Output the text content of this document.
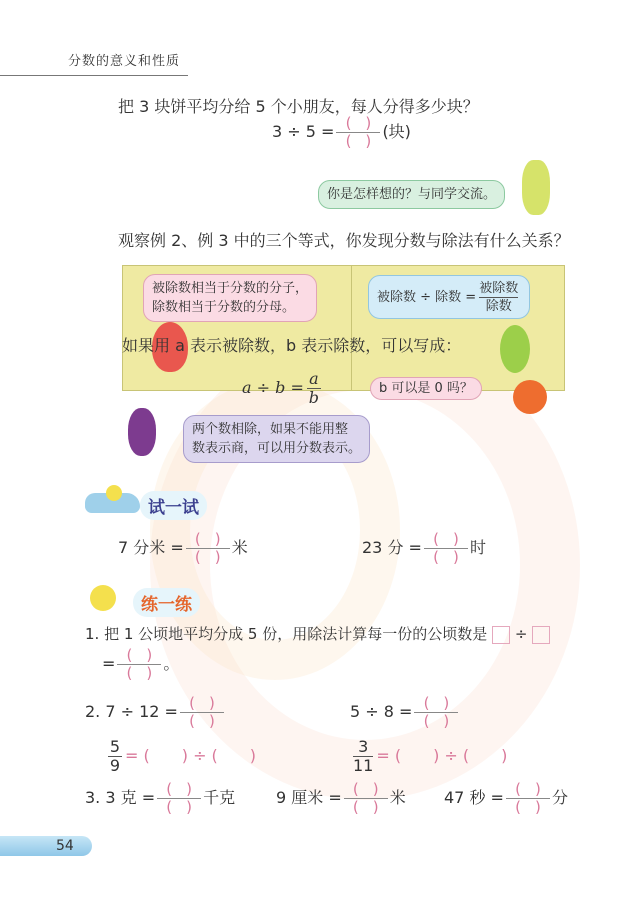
分数的意义和性质
把 3 块饼平均分给 5 个小朋友，每人分得多少块？
$3 \div 5 = \frac{()}{()}$ (块)
你是怎样想的？与同学交流。
观察例 2、例 3 中的三个等式，你发现分数与除法有什么关系？
被除数相当于分数的分子，
除数相当于分数的分母。
被除数 ÷ 除数 =
被除数
除数
如果用 a 表示被除数，b 表示除数，可以写成：
$a \div b = \frac{a}{b}$	b 可以是 0 吗？
两个数相除，如果不能用整
数表示商，可以用分数表示。
试一试
7 分米 = $\frac{()}{()}$ 米	23 分 = $\frac{()}{()}$ 时
练一练
1. 把 1 公顷地平均分成 5 份，用除法计算每一份的公顷数是 ÷
= $\frac{()}{()}$ 。
2. $7 \div 12 = \frac{()}{()}$	$5 \div 8 = \frac{()}{()}$
$\frac{5}{9}$ = (　　) ÷ (　　)	$\frac{3}{11}$ = (　　) ÷ (　　)
3. 3 克 = $\frac{()}{()}$ 千克	9 厘米 = $\frac{()}{()}$ 米 47 秒 = $\frac{()}{()}$ 分
54
